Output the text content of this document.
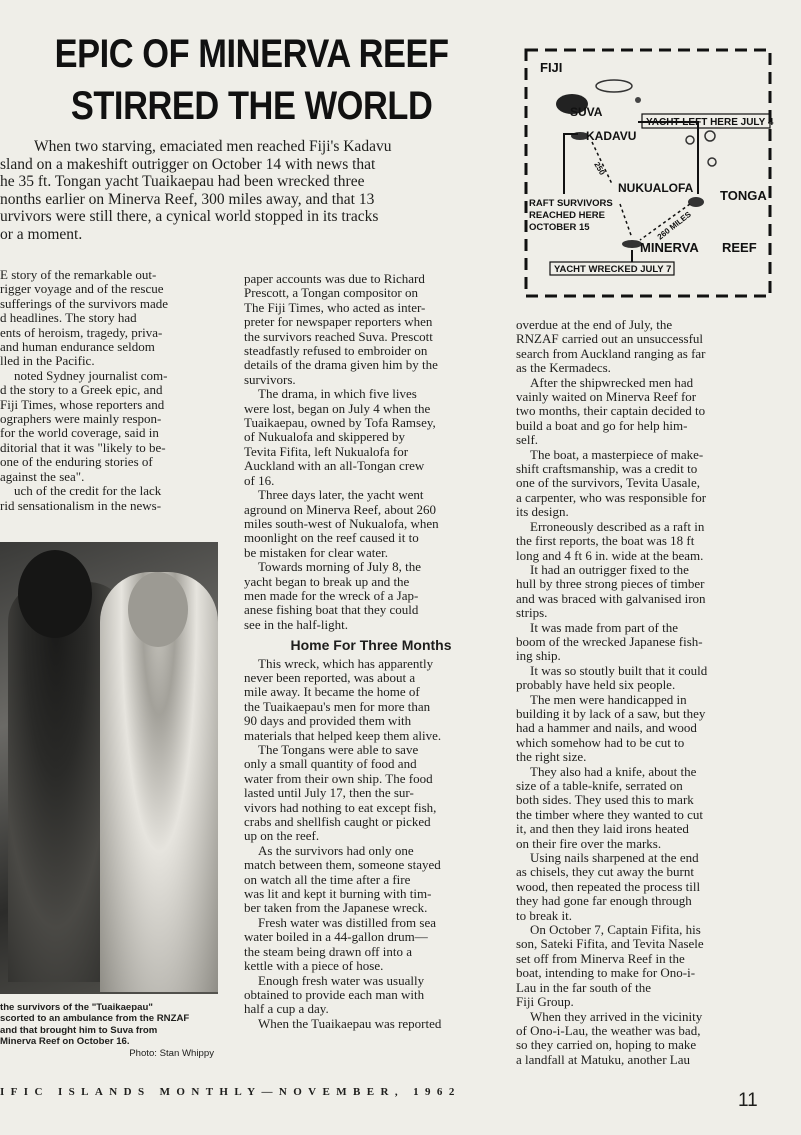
EPIC OF MINERVA REEF
STIRRED THE WORLD
When two starving, emaciated men reached Fiji's Kadavu
sland on a makeshift outrigger on October 14 with news that
he 35 ft. Tongan yacht Tuaikaepau had been wrecked three
nonths earlier on Minerva Reef, 300 miles away, and that 13
urvivors were still there, a cynical world stopped in its tracks
or a moment.
E story of the remarkable out-
rigger voyage and of the rescue
sufferings of the survivors made
d headlines. The story had
ents of heroism, tragedy, priva-
and human endurance seldom
lled in the Pacific.
noted Sydney journalist com-
d the story to a Greek epic, and
Fiji Times, whose reporters and
ographers were mainly respon-
for the world coverage, said in
ditorial that it was "likely to be-
one of the enduring stories of
against the sea".
uch of the credit for the lack
rid sensationalism in the news-
paper accounts was due to Richard
Prescott, a Tongan compositor on
The Fiji Times, who acted as inter-
preter for newspaper reporters when
the survivors reached Suva. Prescott
steadfastly refused to embroider on
details of the drama given him by the
survivors.
The drama, in which five lives
were lost, began on July 4 when the
Tuaikaepau, owned by Tofa Ramsey,
of Nukualofa and skippered by
Tevita Fifita, left Nukualofa for
Auckland with an all-Tongan crew
of 16.
Three days later, the yacht went
aground on Minerva Reef, about 260
miles south-west of Nukualofa, when
moonlight on the reef caused it to
be mistaken for clear water.
Towards morning of July 8, the
yacht began to break up and the
men made for the wreck of a Jap-
anese fishing boat that they could
see in the half-light.
Home For Three Months
This wreck, which has apparently
never been reported, was about a
mile away. It became the home of
the Tuaikaepau's men for more than
90 days and provided them with
materials that helped keep them alive.
The Tongans were able to save
only a small quantity of food and
water from their own ship. The food
lasted until July 17, then the sur-
vivors had nothing to eat except fish,
crabs and shellfish caught or picked
up on the reef.
As the survivors had only one
match between them, someone stayed
on watch all the time after a fire
was lit and kept it burning with tim-
ber taken from the Japanese wreck.
Fresh water was distilled from sea
water boiled in a 44-gallon drum—
the steam being drawn off into a
kettle with a piece of hose.
Enough fresh water was usually
obtained to provide each man with
half a cup a day.
When the Tuaikaepau was reported
overdue at the end of July, the
RNZAF carried out an unsuccessful
search from Auckland ranging as far
as the Kermadecs.
After the shipwrecked men had
vainly waited on Minerva Reef for
two months, their captain decided to
build a boat and go for help him-
self.
The boat, a masterpiece of make-
shift craftsmanship, was a credit to
one of the survivors, Tevita Uasale,
a carpenter, who was responsible for
its design.
Erroneously described as a raft in
the first reports, the boat was 18 ft
long and 4 ft 6 in. wide at the beam.
It had an outrigger fixed to the
hull by three strong pieces of timber
and was braced with galvanised iron
strips.
It was made from part of the
boom of the wrecked Japanese fish-
ing ship.
It was so stoutly built that it could
probably have held six people.
The men were handicapped in
building it by lack of a saw, but they
had a hammer and nails, and wood
which somehow had to be cut to
the right size.
They also had a knife, about the
size of a table-knife, serrated on
both sides. They used this to mark
the timber where they wanted to cut
it, and then they laid irons heated
on their fire over the marks.
Using nails sharpened at the end
as chisels, they cut away the burnt
wood, then repeated the process till
they had gone far enough through
to break it.
On October 7, Captain Fifita, his
son, Sateki Fifita, and Tevita Nasele
set off from Minerva Reef in the
boat, intending to make for Ono-i-
Lau in the far south of the
Fiji Group.
When they arrived in the vicinity
of Ono-i-Lau, the weather was bad,
so they carried on, hoping to make
a landfall at Matuku, another Lau
the survivors of the "Tuaikaepau"
scorted to an ambulance from the RNZAF
and that brought him to Suva from
Minerva Reef on October 16.
Photo: Stan Whippy
FIJI
SUVA
KADAVU
NUKUALOFA TONGA
MINERVA REEF
YACHT LEFT HERE JULY 4
RAFT SURVIVORS
REACHED HERE
OCTOBER 15
YACHT WRECKED JULY 7
250
260 MILES
IFIC ISLANDS MONTHLY—NOVEMBER, 1962	11
